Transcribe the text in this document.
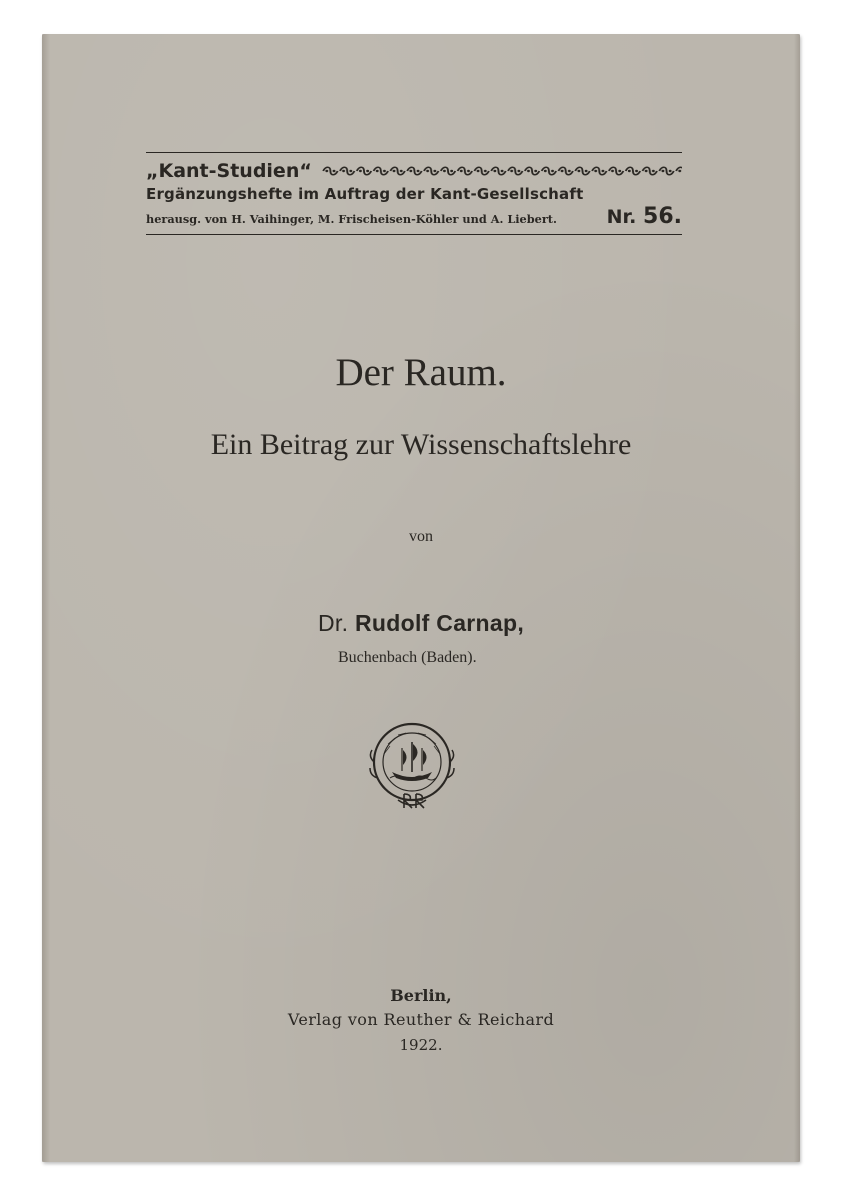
„Kant-Studien“
Ergänzungshefte im Auftrag der Kant-Gesellschaft
herausg. von H. Vaihinger, M. Frischeisen-Köhler und A. Liebert.	Nr. 56.
Der Raum.
Ein Beitrag zur Wissenschaftslehre
von
Dr. Rudolf Carnap,
Buchenbach (Baden).
Berlin,
Verlag von Reuther & Reichard
1922.
